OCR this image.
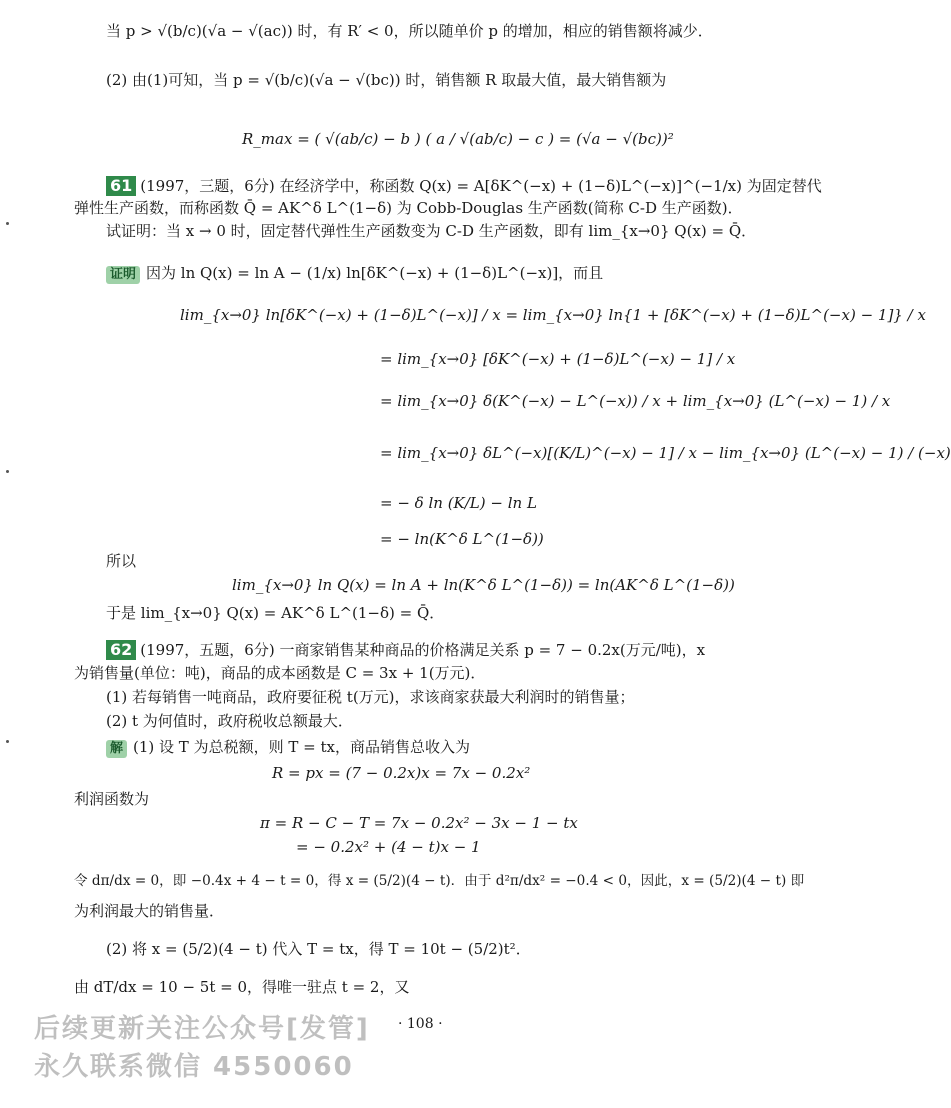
当 p > √(b/c)(√a − √(ac)) 时，有 R′ < 0，所以随单价 p 的增加，相应的销售额将减少．
(2) 由(1)可知，当 p = √(b/c)(√a − √(bc)) 时，销售额 R 取最大值，最大销售额为
R_max = ( √(ab/c) − b ) ( a / √(ab/c) − c ) = (√a − √(bc))²
61 (1997，三题，6分) 在经济学中，称函数 Q(x) = A[δK^(−x) + (1−δ)L^(−x)]^(−1/x) 为固定替代
弹性生产函数，而称函数 Q̄ = AK^δ L^(1−δ) 为 Cobb-Douglas 生产函数(简称 C-D 生产函数)．
试证明：当 x → 0 时，固定替代弹性生产函数变为 C-D 生产函数，即有 lim_{x→0} Q(x) = Q̄．
证明 因为 ln Q(x) = ln A − (1/x) ln[δK^(−x) + (1−δ)L^(−x)]，而且
lim_{x→0} ln[δK^(−x) + (1−δ)L^(−x)] / x = lim_{x→0} ln{1 + [δK^(−x) + (1−δ)L^(−x) − 1]} / x
= lim_{x→0} [δK^(−x) + (1−δ)L^(−x) − 1] / x
= lim_{x→0} δ(K^(−x) − L^(−x)) / x + lim_{x→0} (L^(−x) − 1) / x
= lim_{x→0} δL^(−x)[(K/L)^(−x) − 1] / x − lim_{x→0} (L^(−x) − 1) / (−x)
= − δ ln (K/L) − ln L
= − ln(K^δ L^(1−δ))
所以
lim_{x→0} ln Q(x) = ln A + ln(K^δ L^(1−δ)) = ln(AK^δ L^(1−δ))
于是 lim_{x→0} Q(x) = AK^δ L^(1−δ) = Q̄．
62 (1997，五题，6分) 一商家销售某种商品的价格满足关系 p = 7 − 0.2x(万元/吨)，x
为销售量(单位：吨)，商品的成本函数是 C = 3x + 1(万元)．
(1) 若每销售一吨商品，政府要征税 t(万元)，求该商家获最大利润时的销售量；
(2) t 为何值时，政府税收总额最大．
解 (1) 设 T 为总税额，则 T = tx，商品销售总收入为
R = px = (7 − 0.2x)x = 7x − 0.2x²
利润函数为
π = R − C − T = 7x − 0.2x² − 3x − 1 − tx
= − 0.2x² + (4 − t)x − 1
令 dπ/dx = 0，即 −0.4x + 4 − t = 0，得 x = (5/2)(4 − t)．由于 d²π/dx² = −0.4 < 0，因此，x = (5/2)(4 − t) 即
为利润最大的销售量．
(2) 将 x = (5/2)(4 − t) 代入 T = tx，得 T = 10t − (5/2)t²．
由 dT/dx = 10 − 5t = 0，得唯一驻点 t = 2，又
· 108 ·
后续更新关注公众号[发管]
永久联系微信 4550060
